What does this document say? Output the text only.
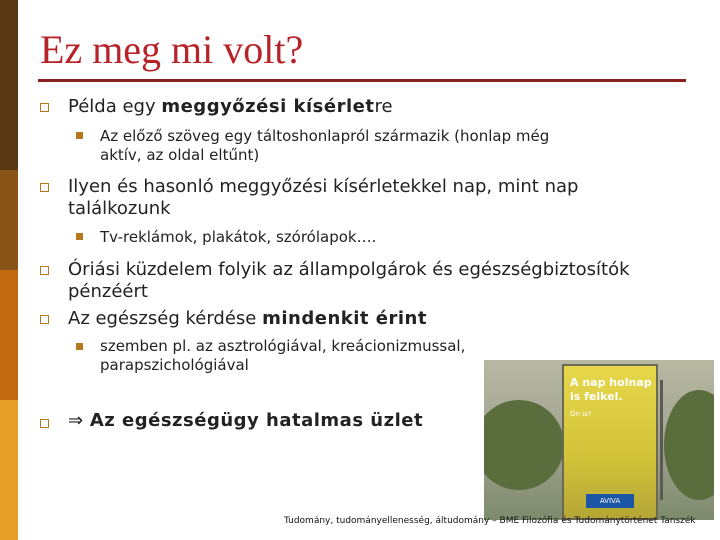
Ez meg mi volt?
Példa egy meggyőzési kísérletre
Az előző szöveg egy táltoshonlapról származik (honlap még
aktív, az oldal eltűnt)
Ilyen és hasonló meggyőzési kísérletekkel nap, mint nap
találkozunk
Tv-reklámok, plakátok, szórólapok….
Óriási küzdelem folyik az állampolgárok és egészségbiztosítók
pénzéért
Az egészség kérdése mindenkit érint
szemben pl. az asztrológiával, kreácionizmussal,
parapszichológiával
⇒ Az egészségügy hatalmas üzlet
A nap holnap
is felkel.
Ön is?
AVIVA
Tudomány, tudományellenesség, áltudomány – BME Filozófia és Tudománytörténet Tanszék
